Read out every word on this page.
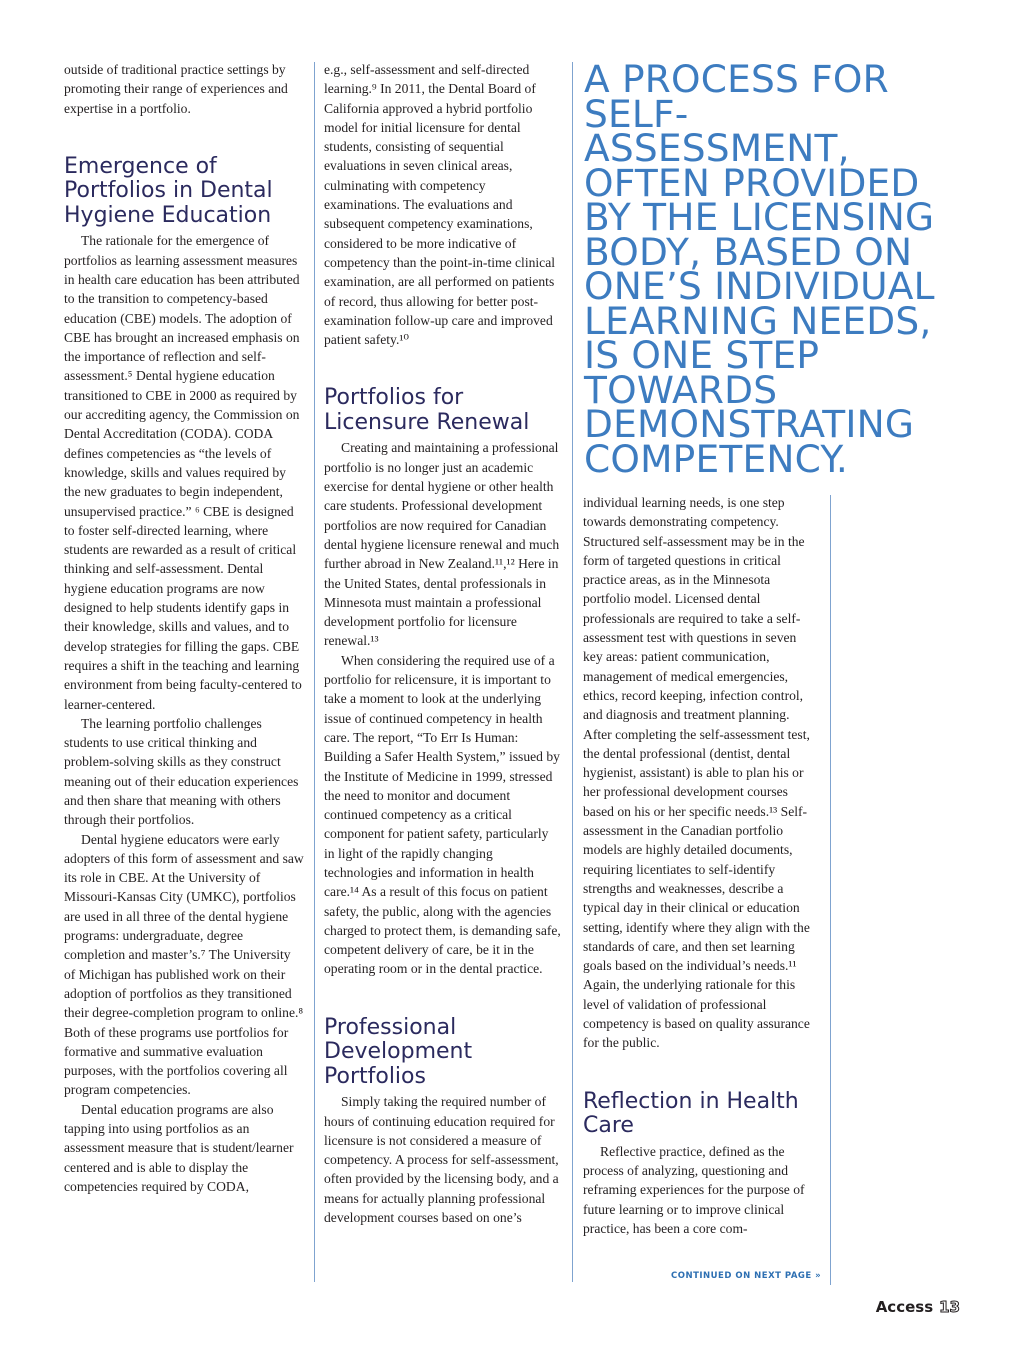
outside of traditional practice settings by promoting their range of experiences and expertise in a portfolio.

Emergence of Portfolios in Dental Hygiene Education

The rationale for the emergence of portfolios as learning assessment measures in health care education has been attributed to the transition to competency-based education (CBE) models. The adoption of CBE has brought an increased emphasis on the importance of reflection and self-assessment.⁵ Dental hygiene education transitioned to CBE in 2000 as required by our accrediting agency, the Commission on Dental Accreditation (CODA). CODA defines competencies as “the levels of knowledge, skills and values required by the new graduates to begin independent, unsupervised practice.” ⁶ CBE is designed to foster self-directed learning, where students are rewarded as a result of critical thinking and self-assessment. Dental hygiene education programs are now designed to help students identify gaps in their knowledge, skills and values, and to develop strategies for filling the gaps. CBE requires a shift in the teaching and learning environment from being faculty-centered to learner-centered.

The learning portfolio challenges students to use critical thinking and problem-solving skills as they construct meaning out of their education experiences and then share that meaning with others through their portfolios.

Dental hygiene educators were early adopters of this form of assessment and saw its role in CBE. At the University of Missouri-Kansas City (UMKC), portfolios are used in all three of the dental hygiene programs: undergraduate, degree completion and master’s.⁷ The University of Michigan has published work on their adoption of portfolios as they transitioned their degree-completion program to online.⁸ Both of these programs use portfolios for formative and summative evaluation purposes, with the portfolios covering all program competencies.

Dental education programs are also tapping into using portfolios as an assessment measure that is student/learner centered and is able to display the competencies required by CODA,

e.g., self-assessment and self-directed learning.⁹ In 2011, the Dental Board of California approved a hybrid portfolio model for initial licensure for dental students, consisting of sequential evaluations in seven clinical areas, culminating with competency examinations. The evaluations and subsequent competency examinations, considered to be more indicative of competency than the point-in-time clinical examination, are all performed on patients of record, thus allowing for better post-examination follow-up care and improved patient safety.¹⁰

Portfolios for Licensure Renewal

Creating and maintaining a professional portfolio is no longer just an academic exercise for dental hygiene or other health care students. Professional development portfolios are now required for Canadian dental hygiene licensure renewal and much further abroad in New Zealand.¹¹,¹² Here in the United States, dental professionals in Minnesota must maintain a professional development portfolio for licensure renewal.¹³

When considering the required use of a portfolio for relicensure, it is important to take a moment to look at the underlying issue of continued competency in health care. The report, “To Err Is Human: Building a Safer Health System,” issued by the Institute of Medicine in 1999, stressed the need to monitor and document continued competency as a critical component for patient safety, particularly in light of the rapidly changing technologies and information in health care.¹⁴ As a result of this focus on patient safety, the public, along with the agencies charged to protect them, is demanding safe, competent delivery of care, be it in the operating room or in the dental practice.

Professional Development Portfolios

Simply taking the required number of hours of continuing education required for licensure is not considered a measure of competency. A process for self-assessment, often provided by the licensing body, and a means for actually planning professional development courses based on one’s

A PROCESS FOR SELF-ASSESSMENT, OFTEN PROVIDED BY THE LICENSING BODY, BASED ON ONE’S INDIVIDUAL LEARNING NEEDS, IS ONE STEP TOWARDS DEMONSTRATING COMPETENCY.

individual learning needs, is one step towards demonstrating competency. Structured self-assessment may be in the form of targeted questions in critical practice areas, as in the Minnesota portfolio model. Licensed dental professionals are required to take a self-assessment test with questions in seven key areas: patient communication, management of medical emergencies, ethics, record keeping, infection control, and diagnosis and treatment planning. After completing the self-assessment test, the dental professional (dentist, dental hygienist, assistant) is able to plan his or her professional development courses based on his or her specific needs.¹³ Self-assessment in the Canadian portfolio models are highly detailed documents, requiring licentiates to self-identify strengths and weaknesses, describe a typical day in their clinical or education setting, identify where they align with the standards of care, and then set learning goals based on the individual’s needs.¹¹ Again, the underlying rationale for this level of validation of professional competency is based on quality assurance for the public.

Reflection in Health Care

Reflective practice, defined as the process of analyzing, questioning and reframing experiences for the purpose of future learning or to improve clinical practice, has been a core com-

CONTINUED ON NEXT PAGE »
Access 13
